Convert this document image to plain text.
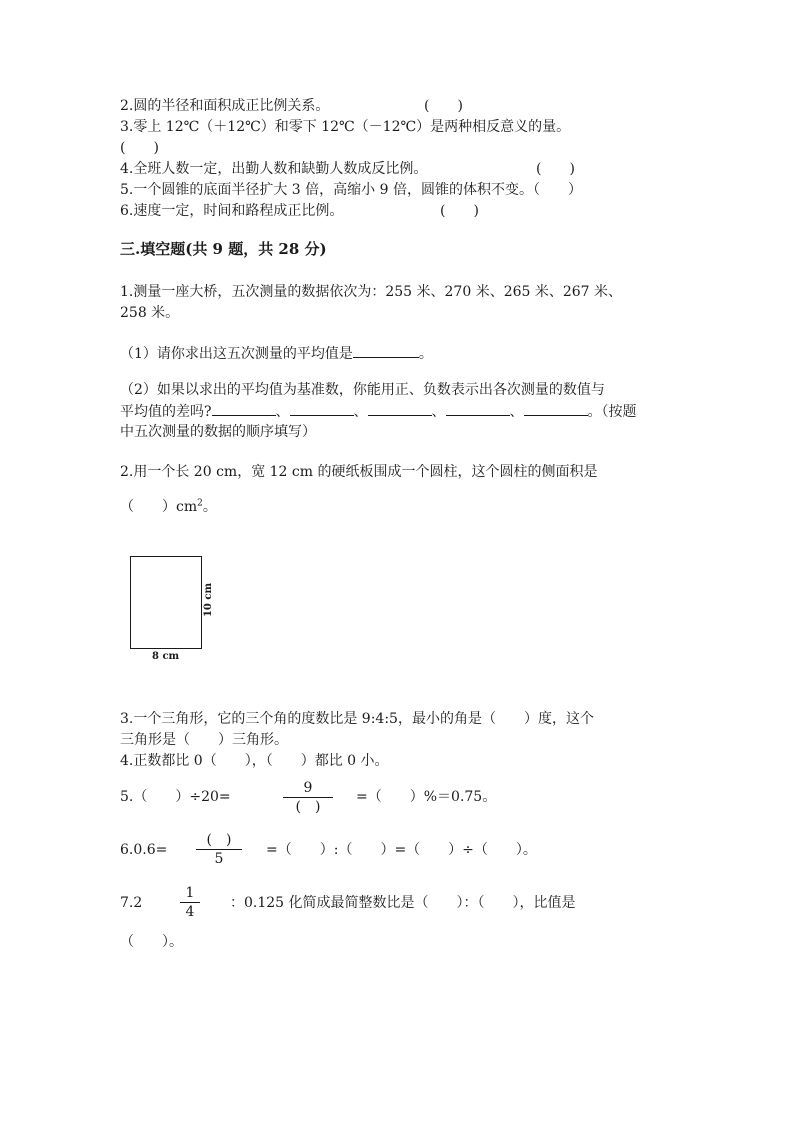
2.圆的半径和面积成正比例关系。	(　　)
3.零上 12℃（＋12℃）和零下 12℃（－12℃）是两种相反意义的量。
(　　)
4.全班人数一定，出勤人数和缺勤人数成反比例。	(　　)
5.一个圆锥的底面半径扩大 3 倍，高缩小 9 倍，圆锥的体积不变。（　　）
6.速度一定，时间和路程成正比例。	(　　)
三.填空题(共 9 题，共 28 分)
1.测量一座大桥，五次测量的数据依次为：255 米、270 米、265 米、267 米、
258 米。
（1）请你求出这五次测量的平均值是	。
（2）如果以求出的平均值为基准数，你能用正、负数表示出各次测量的数值与
平均值的差吗?	、	、	、	、	。（按题
中五次测量的数据的顺序填写）
2.用一个长 20 cm，宽 12 cm 的硬纸板围成一个圆柱，这个圆柱的侧面积是
（　　）$cm^2$。
10 cm
8 cm
3.一个三角形，它的三个角的度数比是 9:4:5，最小的角是（　　）度，这个
三角形是（　　）三角形。
4.正数都比 0（　　），（　　）都比 0 小。
5.（　　）÷20=
9
(　)
=（　　）%＝0.75。
6.0.6=
(　)
5
=（　　）:（　　）=（　　）÷（　　）。
7.2
1
4
：0.125 化简成最简整数比是（　　）：（　　），比值是
（　　）。
